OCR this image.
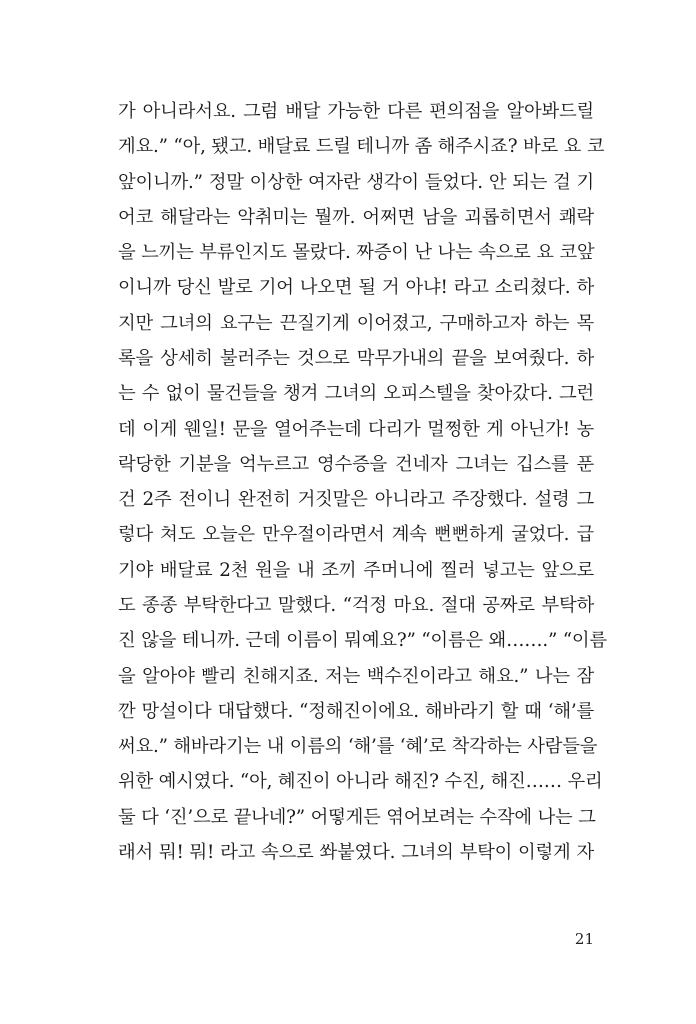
가 아니라서요. 그럼 배달 가능한 다른 편의점을 알아봐드릴
게요.” “아, 됐고. 배달료 드릴 테니까 좀 해주시죠? 바로 요 코
앞이니까.” 정말 이상한 여자란 생각이 들었다. 안 되는 걸 기
어코 해달라는 악취미는 뭘까. 어쩌면 남을 괴롭히면서 쾌락
을 느끼는 부류인지도 몰랐다. 짜증이 난 나는 속으로 요 코앞
이니까 당신 발로 기어 나오면 될 거 아냐! 라고 소리쳤다. 하
지만 그녀의 요구는 끈질기게 이어졌고, 구매하고자 하는 목
록을 상세히 불러주는 것으로 막무가내의 끝을 보여줬다. 하
는 수 없이 물건들을 챙겨 그녀의 오피스텔을 찾아갔다. 그런
데 이게 웬일! 문을 열어주는데 다리가 멀쩡한 게 아닌가! 농
락당한 기분을 억누르고 영수증을 건네자 그녀는 깁스를 푼
건 2주 전이니 완전히 거짓말은 아니라고 주장했다. 설령 그
렇다 쳐도 오늘은 만우절이라면서 계속 뻔뻔하게 굴었다. 급
기야 배달료 2천 원을 내 조끼 주머니에 찔러 넣고는 앞으로
도 종종 부탁한다고 말했다. “걱정 마요. 절대 공짜로 부탁하
진 않을 테니까. 근데 이름이 뭐예요?” “이름은 왜…….” “이름
을 알아야 빨리 친해지죠. 저는 백수진이라고 해요.” 나는 잠
깐 망설이다 대답했다. “정해진이에요. 해바라기 할 때 ‘해’를
써요.” 해바라기는 내 이름의 ‘해’를 ‘혜’로 착각하는 사람들을
위한 예시였다. “아, 혜진이 아니라 해진? 수진, 해진…… 우리
둘 다 ‘진’으로 끝나네?” 어떻게든 엮어보려는 수작에 나는 그
래서 뭐! 뭐! 라고 속으로 쏴붙였다. 그녀의 부탁이 이렇게 자
21
